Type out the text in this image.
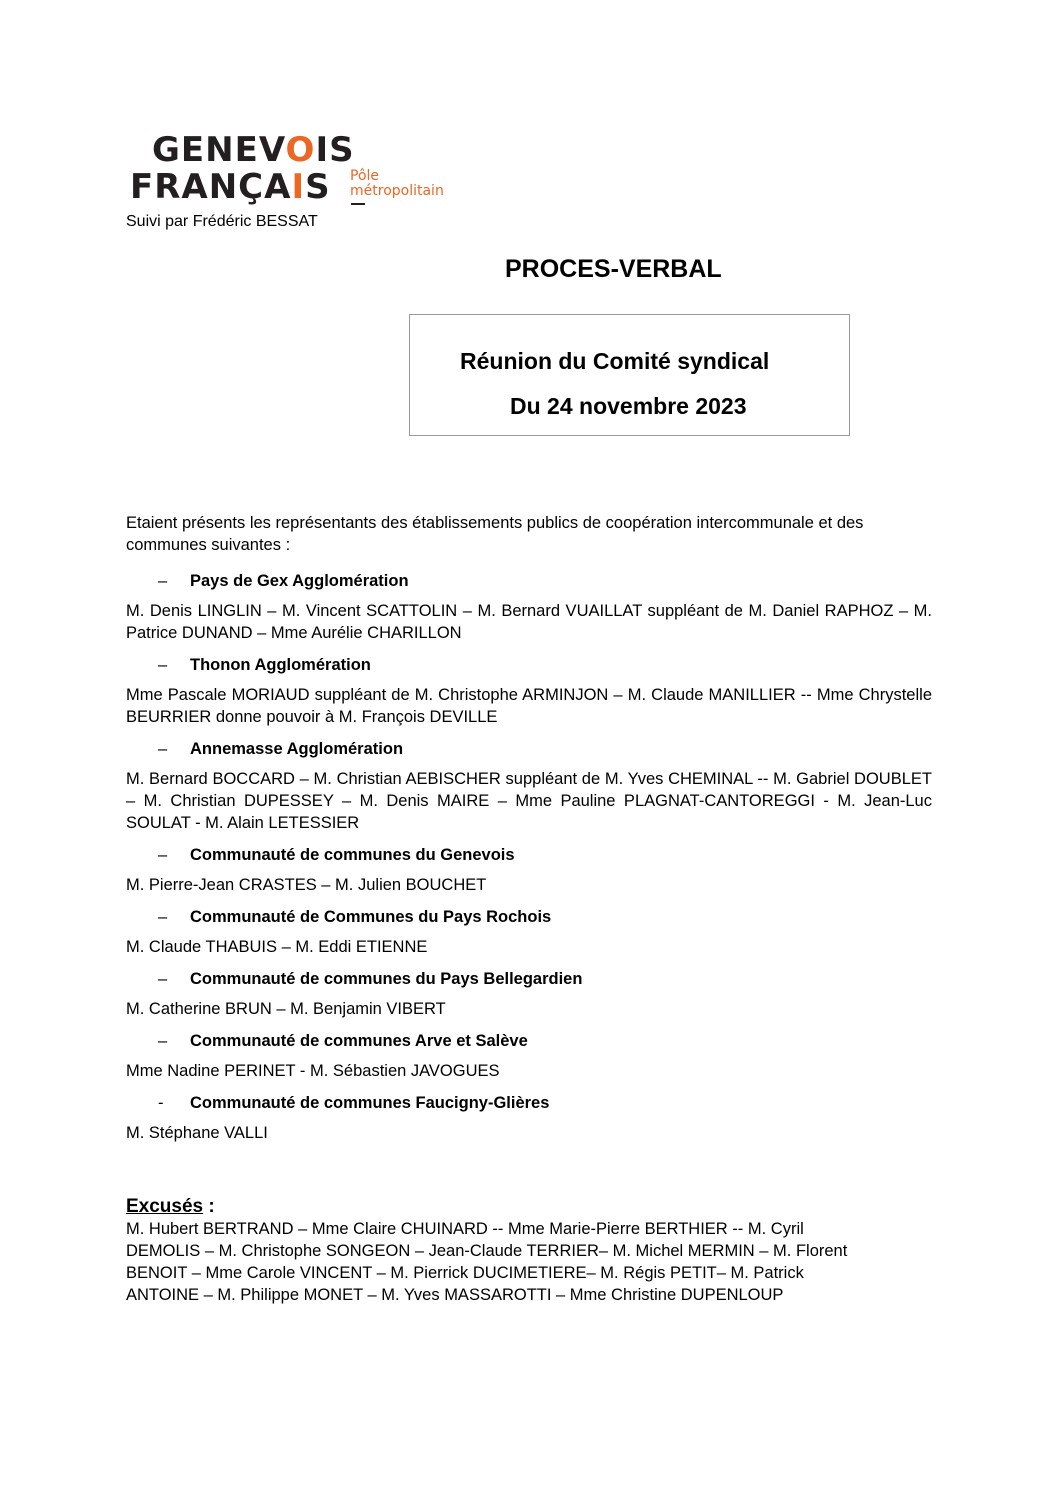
GENEVOIS
FRANÇAIS Pôle
métropolitain
Suivi par Frédéric BESSAT
PROCES-VERBAL
Réunion du Comité syndical
Du 24 novembre 2023

Etaient présents les représentants des établissements publics de coopération intercommunale et des communes suivantes :

– Pays de Gex Agglomération

M. Denis LINGLIN – M. Vincent SCATTOLIN – M. Bernard VUAILLAT suppléant de M. Daniel RAPHOZ – M. Patrice DUNAND – Mme Aurélie CHARILLON

– Thonon Agglomération

Mme Pascale MORIAUD suppléant de M. Christophe ARMINJON – M. Claude MANILLIER -- Mme Chrystelle BEURRIER donne pouvoir à M. François DEVILLE

– Annemasse Agglomération

M. Bernard BOCCARD – M. Christian AEBISCHER suppléant de M. Yves CHEMINAL -- M. Gabriel DOUBLET – M. Christian DUPESSEY – M. Denis MAIRE – Mme Pauline PLAGNAT-CANTOREGGI - M. Jean-Luc SOULAT - M. Alain LETESSIER

– Communauté de communes du Genevois

M. Pierre-Jean CRASTES – M. Julien BOUCHET

– Communauté de Communes du Pays Rochois

M. Claude THABUIS – M. Eddi ETIENNE

– Communauté de communes du Pays Bellegardien

M. Catherine BRUN – M. Benjamin VIBERT

– Communauté de communes Arve et Salève

Mme Nadine PERINET - M. Sébastien JAVOGUES

- Communauté de communes Faucigny-Glières

M. Stéphane VALLI

Excusés :

M. Hubert BERTRAND – Mme Claire CHUINARD -- Mme Marie-Pierre BERTHIER -- M. Cyril
DEMOLIS – M. Christophe SONGEON – Jean-Claude TERRIER– M. Michel MERMIN – M. Florent
BENOIT – Mme Carole VINCENT – M. Pierrick DUCIMETIERE– M. Régis PETIT– M. Patrick
ANTOINE – M. Philippe MONET – M. Yves MASSAROTTI – Mme Christine DUPENLOUP
